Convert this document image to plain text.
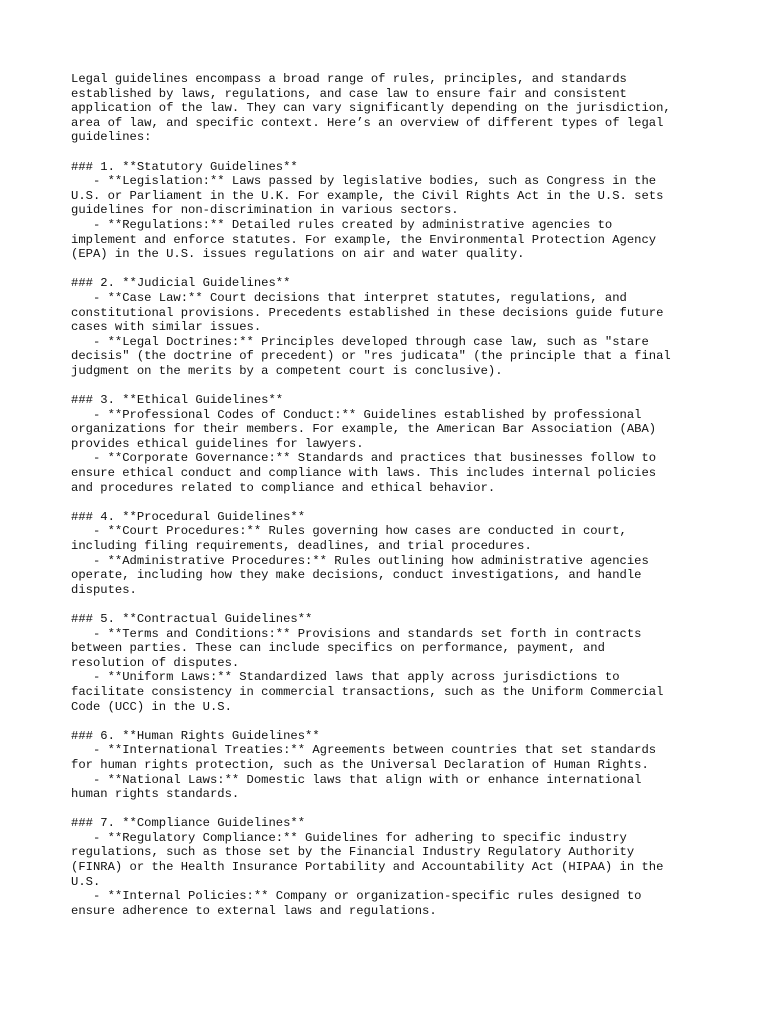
Legal guidelines encompass a broad range of rules, principles, and standards
established by laws, regulations, and case law to ensure fair and consistent
application of the law. They can vary significantly depending on the jurisdiction,
area of law, and specific context. Here’s an overview of different types of legal
guidelines:
### 1. **Statutory Guidelines**
- **Legislation:** Laws passed by legislative bodies, such as Congress in the
U.S. or Parliament in the U.K. For example, the Civil Rights Act in the U.S. sets
guidelines for non-discrimination in various sectors.
- **Regulations:** Detailed rules created by administrative agencies to
implement and enforce statutes. For example, the Environmental Protection Agency
(EPA) in the U.S. issues regulations on air and water quality.
### 2. **Judicial Guidelines**
- **Case Law:** Court decisions that interpret statutes, regulations, and
constitutional provisions. Precedents established in these decisions guide future
cases with similar issues.
- **Legal Doctrines:** Principles developed through case law, such as "stare
decisis" (the doctrine of precedent) or "res judicata" (the principle that a final
judgment on the merits by a competent court is conclusive).
### 3. **Ethical Guidelines**
- **Professional Codes of Conduct:** Guidelines established by professional
organizations for their members. For example, the American Bar Association (ABA)
provides ethical guidelines for lawyers.
- **Corporate Governance:** Standards and practices that businesses follow to
ensure ethical conduct and compliance with laws. This includes internal policies
and procedures related to compliance and ethical behavior.
### 4. **Procedural Guidelines**
- **Court Procedures:** Rules governing how cases are conducted in court,
including filing requirements, deadlines, and trial procedures.
- **Administrative Procedures:** Rules outlining how administrative agencies
operate, including how they make decisions, conduct investigations, and handle
disputes.
### 5. **Contractual Guidelines**
- **Terms and Conditions:** Provisions and standards set forth in contracts
between parties. These can include specifics on performance, payment, and
resolution of disputes.
- **Uniform Laws:** Standardized laws that apply across jurisdictions to
facilitate consistency in commercial transactions, such as the Uniform Commercial
Code (UCC) in the U.S.
### 6. **Human Rights Guidelines**
- **International Treaties:** Agreements between countries that set standards
for human rights protection, such as the Universal Declaration of Human Rights.
- **National Laws:** Domestic laws that align with or enhance international
human rights standards.
### 7. **Compliance Guidelines**
- **Regulatory Compliance:** Guidelines for adhering to specific industry
regulations, such as those set by the Financial Industry Regulatory Authority
(FINRA) or the Health Insurance Portability and Accountability Act (HIPAA) in the
U.S.
- **Internal Policies:** Company or organization-specific rules designed to
ensure adherence to external laws and regulations.
